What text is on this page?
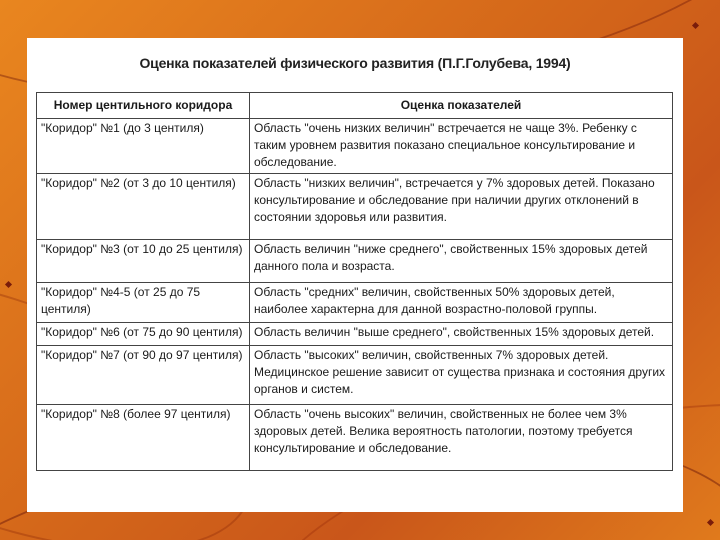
Оценка показателей физического развития (П.Г.Голубева, 1994)
Номер центильного коридора	Оценка показателей
"Коридор" №1 (до 3 центиля)	Область "очень низких величин" встречается не чаще 3%. Ребенку с таким уровнем развития показано специальное консультирование и обследование.
"Коридор" №2 (от 3 до 10 центиля)	Область "низких величин", встречается у 7% здоровых детей. Показано консультирование и обследование при наличии других отклонений в состоянии здоровья или развития.
"Коридор" №3 (от 10 до 25 центиля)	Область величин "ниже среднего", свойственных 15% здоровых детей данного пола и возраста.
"Коридор" №4-5 (от 25 до 75 центиля)	Область "средних" величин, свойственных 50% здоровых детей, наиболее характерна для данной возрастно-половой группы.
"Коридор" №6 (от 75 до 90 центиля)	Область величин "выше среднего", свойственных 15% здоровых детей.
"Коридор" №7 (от 90 до 97 центиля)	Область "высоких" величин, свойственных 7% здоровых детей. Медицинское решение зависит от существа признака и состояния других органов и систем.
"Коридор" №8 (более 97 центиля)	Область "очень высоких" величин, свойственных не более чем 3% здоровых детей. Велика вероятность патологии, поэтому требуется консультирование и обследование.
